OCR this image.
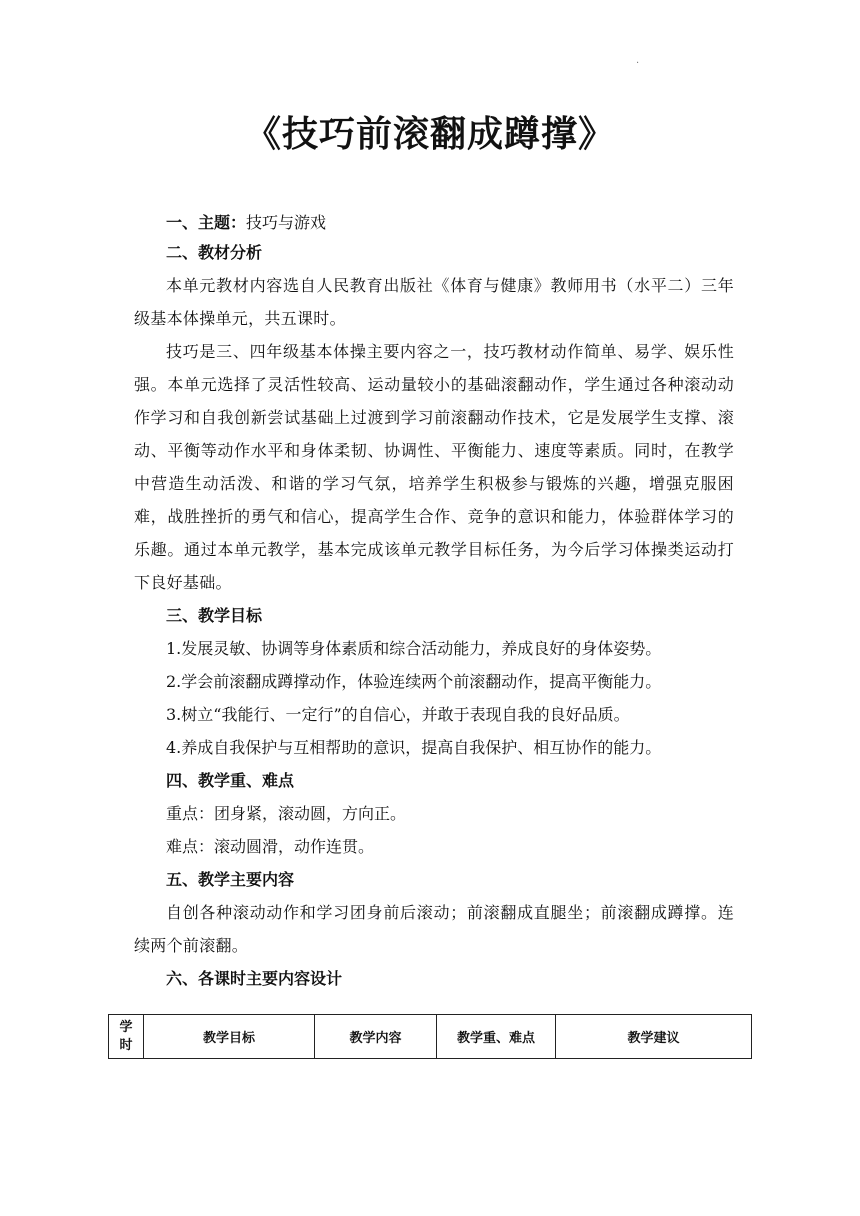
·
《技巧前滚翻成蹲撑》
一、主题：技巧与游戏
二、教材分析
本单元教材内容选自人民教育出版社《体育与健康》教师用书（水平二）三年级基本体操单元，共五课时。
技巧是三、四年级基本体操主要内容之一，技巧教材动作简单、易学、娱乐性强。本单元选择了灵活性较高、运动量较小的基础滚翻动作，学生通过各种滚动动作学习和自我创新尝试基础上过渡到学习前滚翻动作技术，它是发展学生支撑、滚动、平衡等动作水平和身体柔韧、协调性、平衡能力、速度等素质。同时，在教学中营造生动活泼、和谐的学习气氛，培养学生积极参与锻炼的兴趣，增强克服困难，战胜挫折的勇气和信心，提高学生合作、竞争的意识和能力，体验群体学习的乐趣。通过本单元教学，基本完成该单元教学目标任务，为今后学习体操类运动打下良好基础。
三、教学目标
1.发展灵敏、协调等身体素质和综合活动能力，养成良好的身体姿势。
2.学会前滚翻成蹲撑动作，体验连续两个前滚翻动作，提高平衡能力。
3.树立“我能行、一定行”的自信心，并敢于表现自我的良好品质。
4.养成自我保护与互相帮助的意识，提高自我保护、相互协作的能力。
四、教学重、难点
重点：团身紧，滚动圆，方向正。
难点：滚动圆滑，动作连贯。
五、教学主要内容
自创各种滚动动作和学习团身前后滚动；前滚翻成直腿坐；前滚翻成蹲撑。连续两个前滚翻。
六、各课时主要内容设计
学时	教学目标	教学内容	教学重、难点	教学建议
